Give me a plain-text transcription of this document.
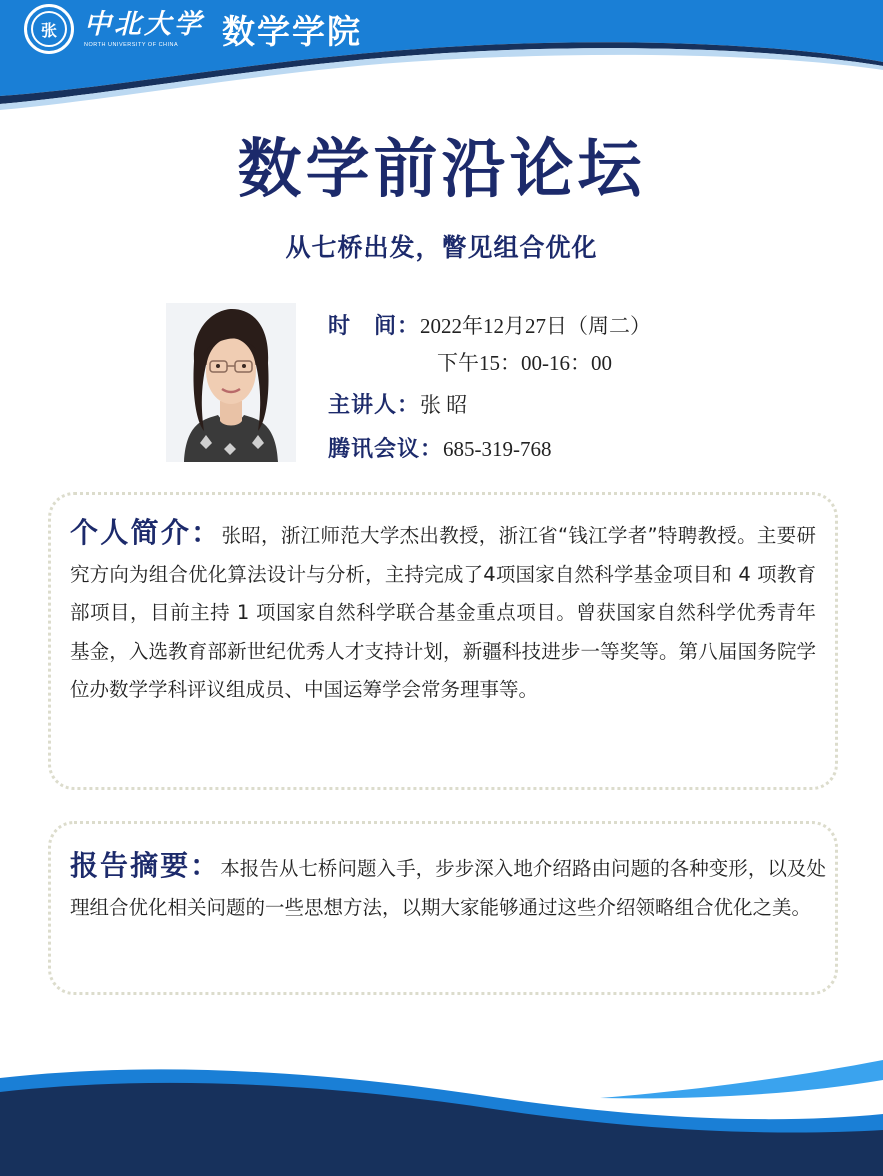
张	中北大学
NORTH UNIVERSITY OF CHINA	数学学院
数学前沿论坛
从七桥出发，瞥见组合优化
时　间： 2022年12月27日（周二）
下午15：00-16：00
主讲人： 张 昭
腾讯会议： 685-319-768
个人简介：张昭，浙江师范大学杰出教授，浙江省“钱江学者”特聘教授。主要研究方向为组合优化算法设计与分析，主持完成了4项国家自然科学基金项目和 4 项教育部项目，目前主持 1 项国家自然科学联合基金重点项目。曾获国家自然科学优秀青年基金，入选教育部新世纪优秀人才支持计划，新疆科技进步一等奖等。第八届国务院学位办数学学科评议组成员、中国运筹学会常务理事等。
报告摘要：本报告从七桥问题入手，步步深入地介绍路由问题的各种变形，以及处理组合优化相关问题的一些思想方法，以期大家能够通过这些介绍领略组合优化之美。
